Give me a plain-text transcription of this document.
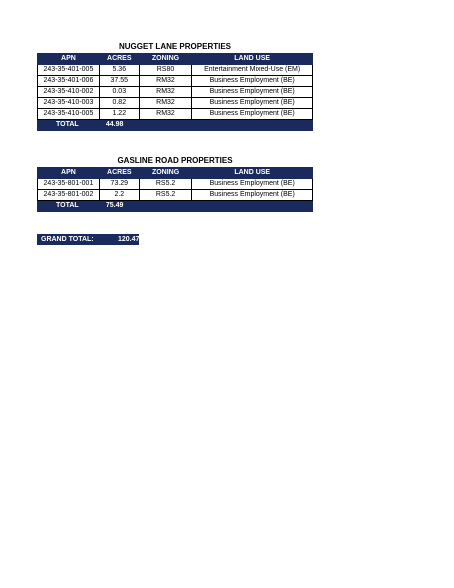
NUGGET LANE PROPERTIES
APN	ACRES	ZONING	LAND USE
243-35-401-005	5.36	RS80	Entertainment Mixed-Use (EM)
243-35-401-006	37.55	RM32	Business Employment (BE)
243-35-410-002	0.03	RM32	Business Employment (BE)
243-35-410-003	0.82	RM32	Business Employment (BE)
243-35-410-005	1.22	RM32	Business Employment (BE)
TOTAL	44.98		
GASLINE ROAD PROPERTIES
APN	ACRES	ZONING	LAND USE
243-35-801-001	73.29	RS5.2	Business Employment (BE)
243-35-801-002	2.2	RS5.2	Business Employment (BE)
TOTAL	75.49		
GRAND TOTAL:	120.47
